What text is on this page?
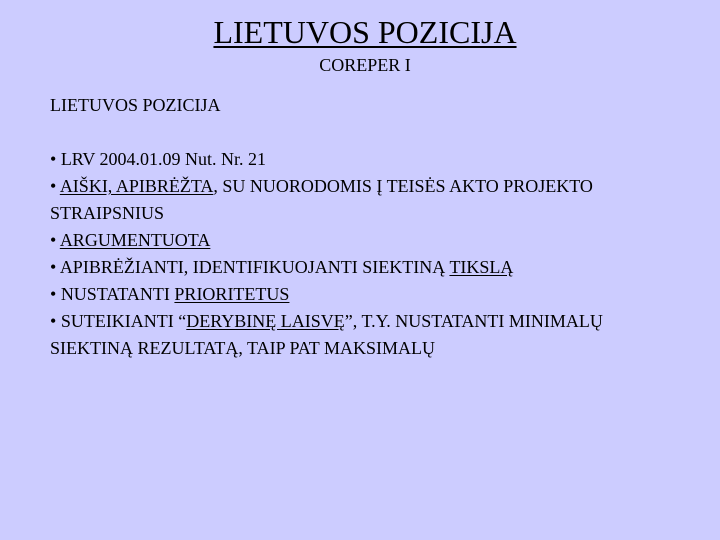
LIETUVOS POZICIJA
COREPER I

LIETUVOS POZICIJA

• LRV 2004.01.09 Nut. Nr. 21

• AIŠKI, APIBRĖŽTA, SU NUORODOMIS Į TEISĖS AKTO PROJEKTO STRAIPSNIUS

• ARGUMENTUOTA

• APIBRĖŽIANTI, IDENTIFIKUOJANTI SIEKTINĄ TIKSLĄ

• NUSTATANTI PRIORITETUS

• SUTEIKIANTI “DERYBINĘ LAISVĘ”, T.Y. NUSTATANTI MINIMALŲ SIEKTINĄ REZULTATĄ, TAIP PAT MAKSIMALŲ
